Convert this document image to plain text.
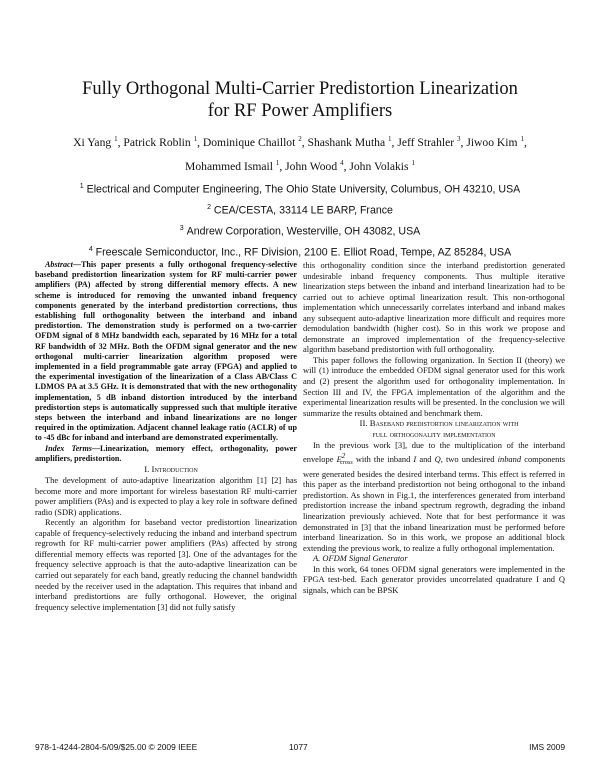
Fully Orthogonal Multi-Carrier Predistortion Linearization
for RF Power Amplifiers
Xi Yang $^1$, Patrick Roblin $^1$, Dominique Chaillot $^2$, Shashank Mutha $^1$, Jeff Strahler $^3$, Jiwoo Kim $^1$,
Mohammed Ismail $^1$, John Wood $^4$, John Volakis $^1$
$^1$ Electrical and Computer Engineering, The Ohio State University, Columbus, OH 43210, USA
$^2$ CEA/CESTA, 33114 LE BARP, France
$^3$ Andrew Corporation, Westerville, OH 43082, USA
$^4$ Freescale Semiconductor, Inc., RF Division, 2100 E. Elliot Road, Tempe, AZ 85284, USA

Abstract—This paper presents a fully orthogonal frequency-selective baseband predistortion linearization system for RF multi-carrier power amplifiers (PA) affected by strong differential memory effects. A new scheme is introduced for removing the unwanted inband frequency components generated by the interband predistortion corrections, thus establishing full orthogonality between the interband and inband predistortion. The demonstration study is performed on a two-carrier OFDM signal of 8 MHz bandwidth each, separated by 16 MHz for a total RF bandwidth of 32 MHz. Both the OFDM signal generator and the new orthogonal multi-carrier linearization algorithm proposed were implemented in a field programmable gate array (FPGA) and applied to the experimental investigation of the linearization of a Class AB/Class C LDMOS PA at 3.5 GHz. It is demonstrated that with the new orthogonality implementation, 5 dB inband distortion introduced by the interband predistortion steps is automatically suppressed such that multiple iterative steps between the interband and inband linearizations are no longer required in the optimization. Adjacent channel leakage ratio (ACLR) of up to -45 dBc for inband and interband are demonstrated experimentally.

Index Terms—Linearization, memory effect, orthogonality, power amplifiers, predistortion.

I. Introduction

The development of auto-adaptive linearization algorithm [1] [2] has become more and more important for wireless basestation RF multi-carrier power amplifiers (PAs) and is expected to play a key role in software defined radio (SDR) applications.

Recently an algorithm for baseband vector predistortion linearization capable of frequency-selectively reducing the inband and interband spectrum regrowth for RF multi-carrier power amplifiers (PAs) affected by strong differential memory effects was reported [3]. One of the advantages for the frequency selective approach is that the auto-adaptive linearization can be carried out separately for each band, greatly reducing the channel bandwidth needed by the receiver used in the adaptation. This requires that inband and interband predistortions are fully orthogonal. However, the original frequency selective implementation [3] did not fully satisfy

this orthogonality condition since the interband predistortion generated undesirable inband frequency components. Thus multiple iterative linearization steps between the inband and interband linearization had to be carried out to achieve optimal linearization result. This non-orthogonal implementation which unnecessarily correlates interband and inband makes any subsequent auto-adaptive linearization more difficult and requires more demodulation bandwidth (higher cost). So in this work we propose and demonstrate an improved implementation of the frequency-selective algorithm baseband predistortion with full orthogonality.

This paper follows the following organization. In Section II (theory) we will (1) introduce the embedded OFDM signal generator used for this work and (2) present the algorithm used for orthogonality implementation. In Section III and IV, the FPGA implementation of the algorithm and the experimental linearization results will be presented. In the conclusion we will summarize the results obtained and benchmark them.

II. Baseband predistortion linearization with
full orthogonality implementation

In the previous work [3], due to the multiplication of the interband envelope $E^2_{cross}$ with the inband I and Q, two undesired inband components were generated besides the desired interband terms. This effect is referred in this paper as the interband predistortion not being orthogonal to the inband predistortion. As shown in Fig.1, the interferences generated from interband predistortion increase the inband spectrum regrowth, degrading the inband linearization previously achieved. Note that for best performance it was demonstrated in [3] that the inband linearization must be performed before interband linearization. So in this work, we propose an additional block extending the previous work, to realize a fully orthogonal implementation.

A. OFDM Signal Generator

In this work, 64 tones OFDM signal generators were implemented in the FPGA test-bed. Each generator provides uncorrelated quadrature I and Q signals, which can be BPSK

978-1-4244-2804-5/09/$25.00 © 2009 IEEE	1077	IMS 2009
